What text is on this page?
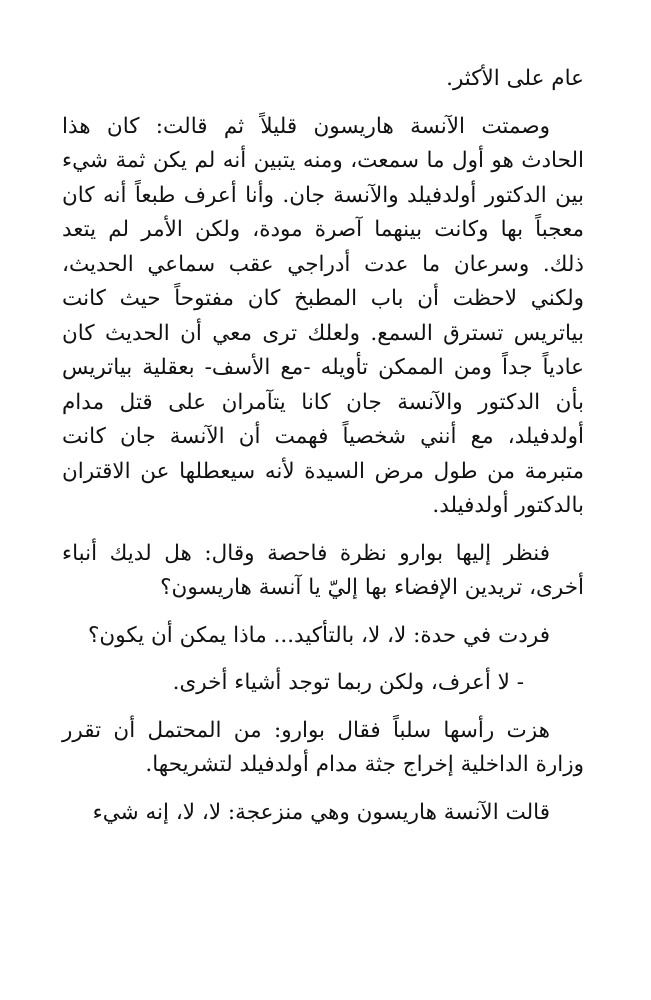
عام على الأكثر.

وصمتت الآنسة هاريسون قليلاً ثم قالت: كان هذا الحادث هو أول ما سمعت، ومنه يتبين أنه لم يكن ثمة شيء بين الدكتور أولدفيلد والآنسة جان. وأنا أعرف طبعاً أنه كان معجباً بها وكانت بينهما آصرة مودة، ولكن الأمر لم يتعد ذلك. وسرعان ما عدت أدراجي عقب سماعي الحديث، ولكني لاحظت أن باب المطبخ كان مفتوحاً حيث كانت بياتريس تسترق السمع. ولعلك ترى معي أن الحديث كان عادياً جداً ومن الممكن تأويله -مع الأسف- بعقلية بياتريس بأن الدكتور والآنسة جان كانا يتآمران على قتل مدام أولدفيلد، مع أنني شخصياً فهمت أن الآنسة جان كانت متبرمة من طول مرض السيدة لأنه سيعطلها عن الاقتران بالدكتور أولدفيلد.

فنظر إليها بوارو نظرة فاحصة وقال: هل لديك أنباء أخرى، تريدين الإفضاء بها إليّ يا آنسة هاريسون؟

فردت في حدة: لا، لا، بالتأكيد... ماذا يمكن أن يكون؟

- لا أعرف، ولكن ربما توجد أشياء أخرى.

هزت رأسها سلباً فقال بوارو: من المحتمل أن تقرر وزارة الداخلية إخراج جثة مدام أولدفيلد لتشريحها.

قالت الآنسة هاريسون وهي منزعجة: لا، لا، إنه شيء
